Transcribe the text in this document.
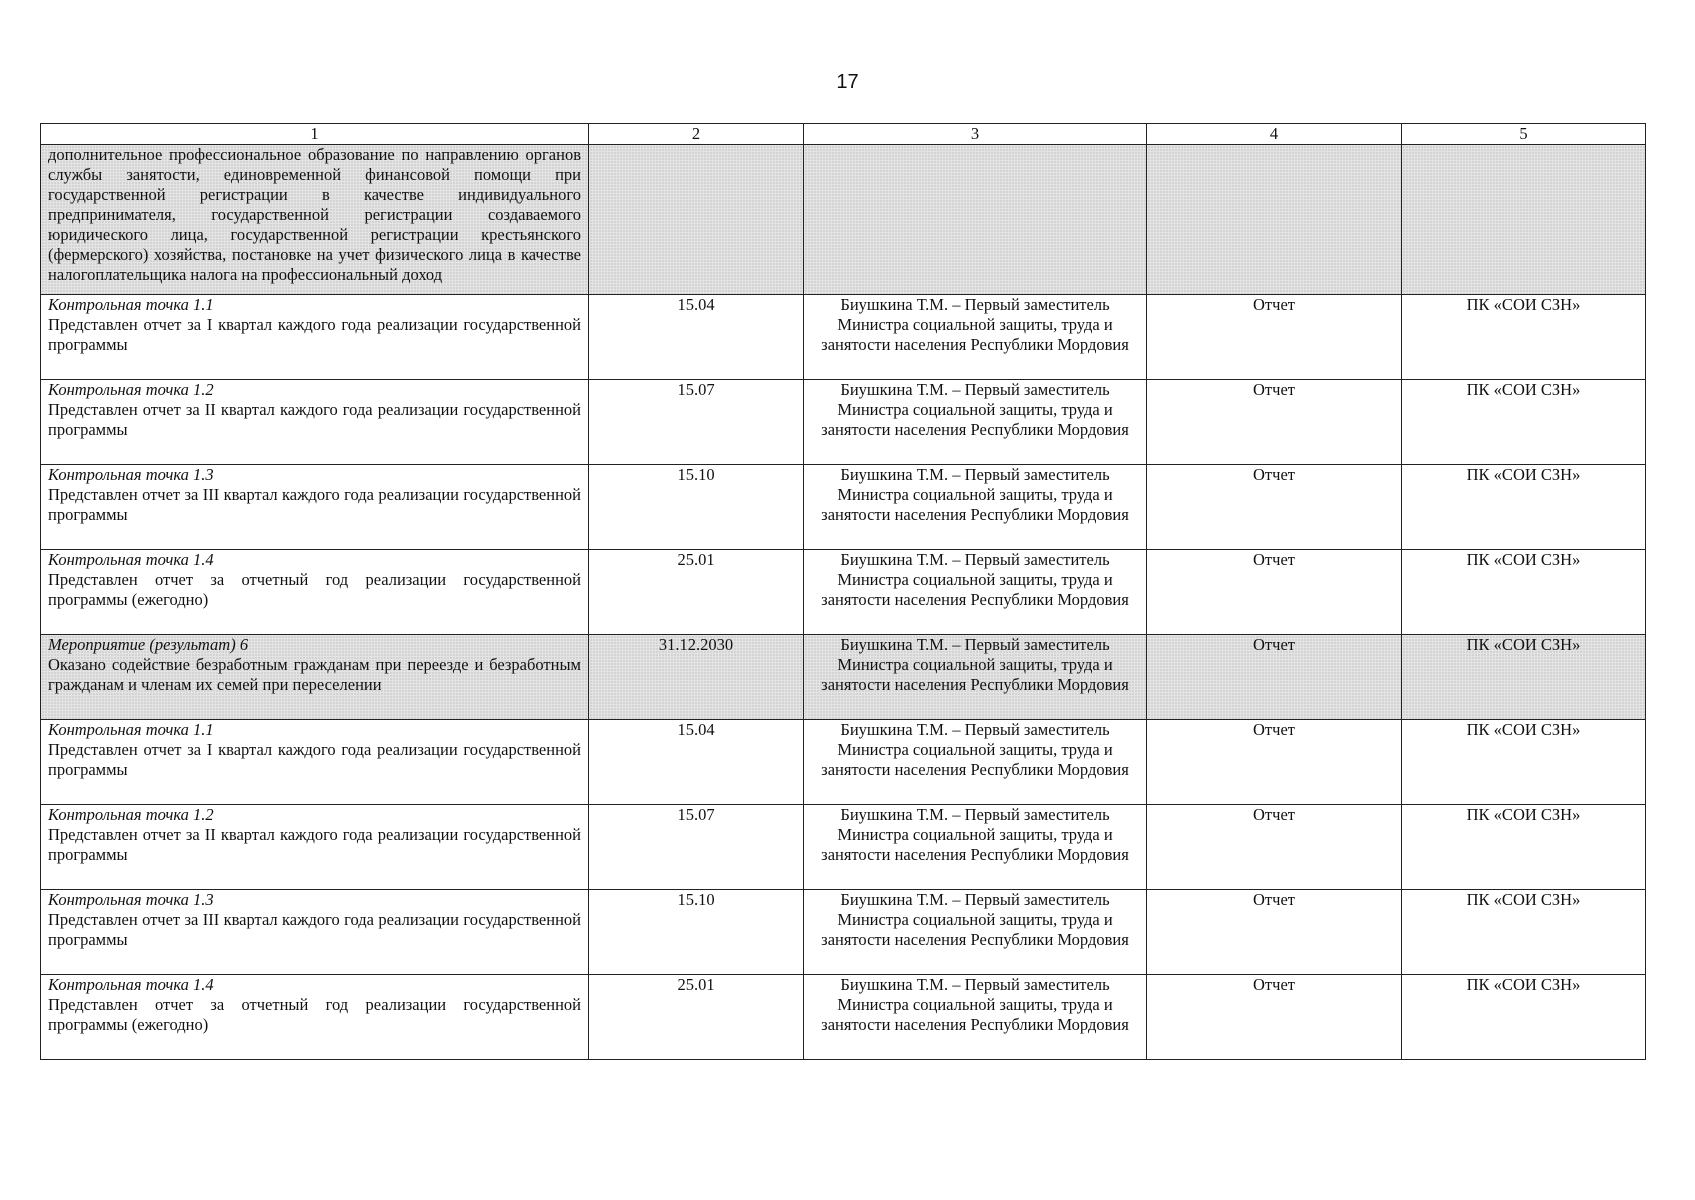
17
1	2	3	4	5
дополнительное профессиональное образование по направлению органов службы занятости, единовременной финансовой помощи при государственной регистрации в качестве индивидуального предпринимателя, государственной регистрации создаваемого юридического лица, государственной регистрации крестьянского (фермерского) хозяйства, постановке на учет физического лица в качестве налогоплательщика налога на профессиональный доход				

Контрольная точка 1.1
Представлен отчет за I квартал каждого года реализации государственной программы	15.04	Биушкина Т.М. – Первый заместитель Министра социальной защиты, труда и занятости населения Республики Мордовия	Отчет	ПК «СОИ СЗН»

Контрольная точка 1.2
Представлен отчет за II квартал каждого года реализации государственной программы	15.07	Биушкина Т.М. – Первый заместитель Министра социальной защиты, труда и занятости населения Республики Мордовия	Отчет	ПК «СОИ СЗН»

Контрольная точка 1.3
Представлен отчет за III квартал каждого года реализации государственной программы	15.10	Биушкина Т.М. – Первый заместитель Министра социальной защиты, труда и занятости населения Республики Мордовия	Отчет	ПК «СОИ СЗН»

Контрольная точка 1.4
Представлен отчет за отчетный год реализации государственной программы (ежегодно)	25.01	Биушкина Т.М. – Первый заместитель Министра социальной защиты, труда и занятости населения Республики Мордовия	Отчет	ПК «СОИ СЗН»

Мероприятие (результат) 6
Оказано содействие безработным гражданам при переезде и безработным гражданам и членам их семей при переселении	31.12.2030	Биушкина Т.М. – Первый заместитель Министра социальной защиты, труда и занятости населения Республики Мордовия	Отчет	ПК «СОИ СЗН»

Контрольная точка 1.1
Представлен отчет за I квартал каждого года реализации государственной программы	15.04	Биушкина Т.М. – Первый заместитель Министра социальной защиты, труда и занятости населения Республики Мордовия	Отчет	ПК «СОИ СЗН»

Контрольная точка 1.2
Представлен отчет за II квартал каждого года реализации государственной программы	15.07	Биушкина Т.М. – Первый заместитель Министра социальной защиты, труда и занятости населения Республики Мордовия	Отчет	ПК «СОИ СЗН»

Контрольная точка 1.3
Представлен отчет за III квартал каждого года реализации государственной программы	15.10	Биушкина Т.М. – Первый заместитель Министра социальной защиты, труда и занятости населения Республики Мордовия	Отчет	ПК «СОИ СЗН»

Контрольная точка 1.4
Представлен отчет за отчетный год реализации государственной программы (ежегодно)	25.01	Биушкина Т.М. – Первый заместитель Министра социальной защиты, труда и занятости населения Республики Мордовия	Отчет	ПК «СОИ СЗН»
